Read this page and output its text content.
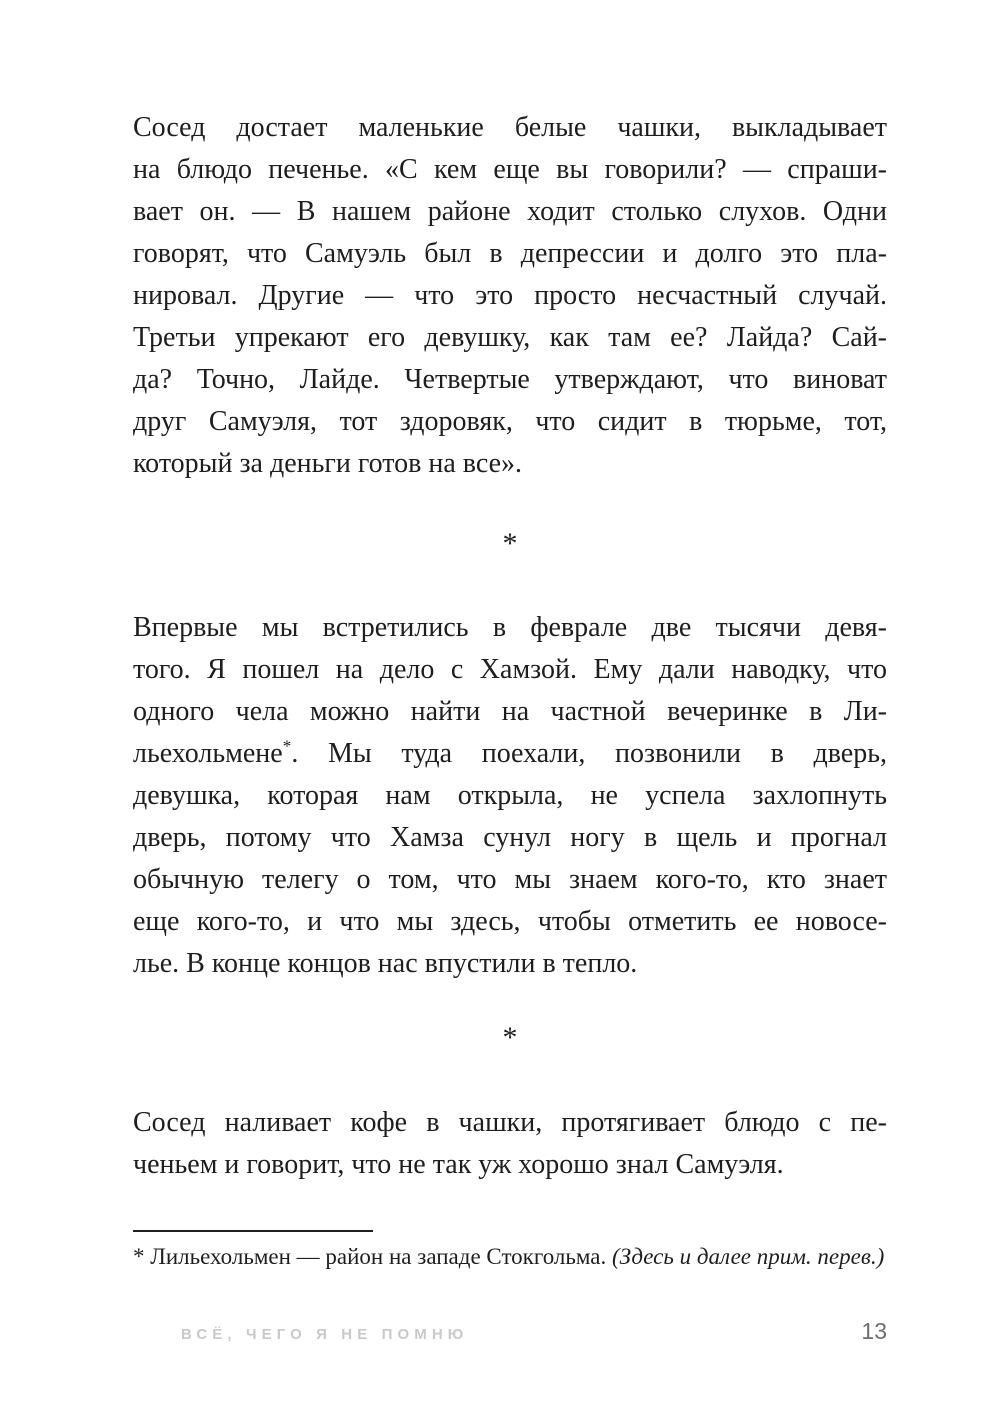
Сосед достает маленькие белые чашки, выкладывает
на блюдо печенье. «С кем еще вы говорили? — спраши-
вает он. — В нашем районе ходит столько слухов. Одни
говорят, что Самуэль был в депрессии и долго это пла-
нировал. Другие — что это просто несчастный случай.
Третьи упрекают его девушку, как там ее? Лайда? Сай-
да? Точно, Лайде. Четвертые утверждают, что виноват
друг Самуэля, тот здоровяк, что сидит в тюрьме, тот,
который за деньги готов на все».
*
Впервые мы встретились в феврале две тысячи девя-
того. Я пошел на дело с Хамзой. Ему дали наводку, что
одного чела можно найти на частной вечеринке в Ли-
льехольмене*. Мы туда поехали, позвонили в дверь,
девушка, которая нам открыла, не успела захлопнуть
дверь, потому что Хамза сунул ногу в щель и прогнал
обычную телегу о том, что мы знаем кого-то, кто знает
еще кого-то, и что мы здесь, чтобы отметить ее новосе-
лье. В конце концов нас впустили в тепло.
*
Сосед наливает кофе в чашки, протягивает блюдо с пе-
ченьем и говорит, что не так уж хорошо знал Самуэля.
* Лильехольмен — район на западе Стокгольма. (Здесь и далее прим. перев.)
ВСЁ, ЧЕГО Я НЕ ПОМНЮ	13
